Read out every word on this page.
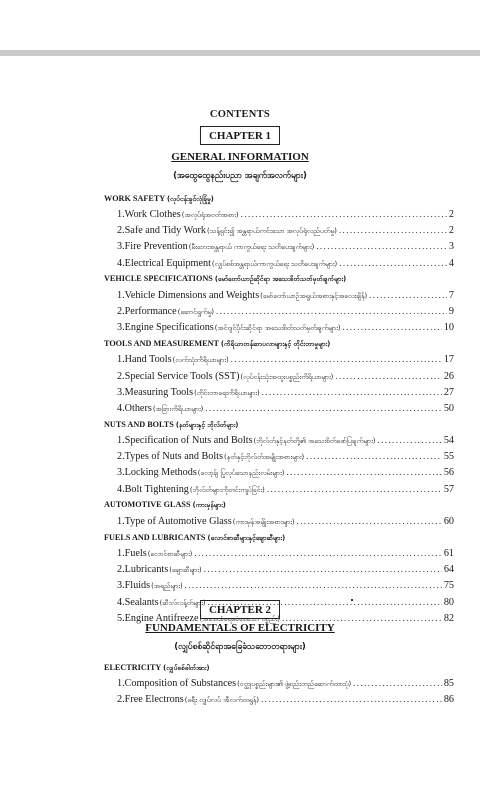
CONTENTS
CHAPTER 1
GENERAL INFORMATION
(အထွေထွေနည်းပညာ အချက်အလက်များ)
WORK SAFETY (လုပ်ငန်းခွင်လုံခြုံမှု)
1.Work Clothes (အလုပ်ရုံအဝတ်အစား) .....	2
2.Safe and Tidy Work (သန့်ရှင်း၍ အန္တရာယ်ကင်းသော အလုပ်ရုံလည်ပတ်မှု) .....	2
3.Fire Prevention (မီးဘေးအန္တရာယ် ကာကွယ်ရေး သတိပေးချက်များ) .....	3
4.Electrical Equipment (လျှပ်စစ်အန္တရာယ်ကာကွယ်ရေး သတိပေးချက်များ) .....	4
VEHICLE SPECIFICATIONS (မော်တော်ယာဉ်ဆိုင်ရာ အသေးစိတ်သတ်မှတ်ချက်များ)
1.Vehicle Dimensions and Weights (မော်တော်ယာဉ်အရွယ်အစားနှင့်အလေးချိန်) .....	7
2.Performance (ဆောင်ရွက်မှု) .....	9
3.Engine Specifications (အင်ဂျင်ပိုင်းဆိုင်ရာ အသေးစိတ်သတ်မှတ်ချက်များ) .....	10
TOOLS AND MEASUREMENT (ကိရိယာတန်ဆာပလာများနှင့် တိုင်းတာမှုများ)
1.Hand Tools (လက်သုံးကိရိယာများ) .....	17
2.Special Service Tools (SST) (လုပ်ငန်းသုံးအထူးပစ္စည်းကိရိယာများ) .....	26
3.Measuring Tools (တိုင်းတာရေးကိရိယာများ) .....	27
4.Others (အခြားကိရိယာများ) .....	50
NUTS AND BOLTS (နတ်များနှင့် ဘိုလ်တ်များ)
1.Specification of Nuts and Bolts (ဘိုလ်တ်နှင့်နတ်တို့၏ အသေးစိတ်ဖော်ပြချက်များ) .....	54
2.Types of Nuts and Bolts (နတ်နှင့်ဘိုလ်တ်အမျိုးအစားများ) .....	55
3.Locking Methods (လော့ခ်ျ ပြုလုပ်သောနည်းလမ်းများ) .....	56
4.Bolt Tightening (ဘိုလ်တ်များကိုတင်းကျပ်ခြင်း) .....	57
AUTOMOTIVE GLASS (ကားမှန်များ)
1.Type of Automotive Glass (ကားမှန်အမျိုးအစားများ) .....	60
FUELS AND LUBRICANTS (လောင်စာဆီများနှင့်ချောဆီများ)
1.Fuels (လောင်စာဆီများ) .....	61
2.Lubricants (ချောဆီများ) .....	64
3.Fluids (အရည်များ) .....	75
4.Sealants (ဆီးလ်လန့်တ်များ) .....	80
5.Engine Antifreeze (အအေးခံရေမခဲစေသော ပစ္စည်း) .....	82
CHAPTER 2
FUNDAMENTALS OF ELECTRICITY
(လျှပ်စစ်ဆိုင်ရာအခြေခံသဘောတရားများ)
ELECTRICITY (လျှပ်စစ်ဓါတ်အား)
1.Composition of Substances (ဝတ္ထုပစ္စည်းများ၏ ဖွဲ့စည်းတည်ဆောက်ထားပုံ) .....	85
2.Free Electrons (ဖရီး လျှပ်လပ် အီလက်ထရွန်) .....	86
